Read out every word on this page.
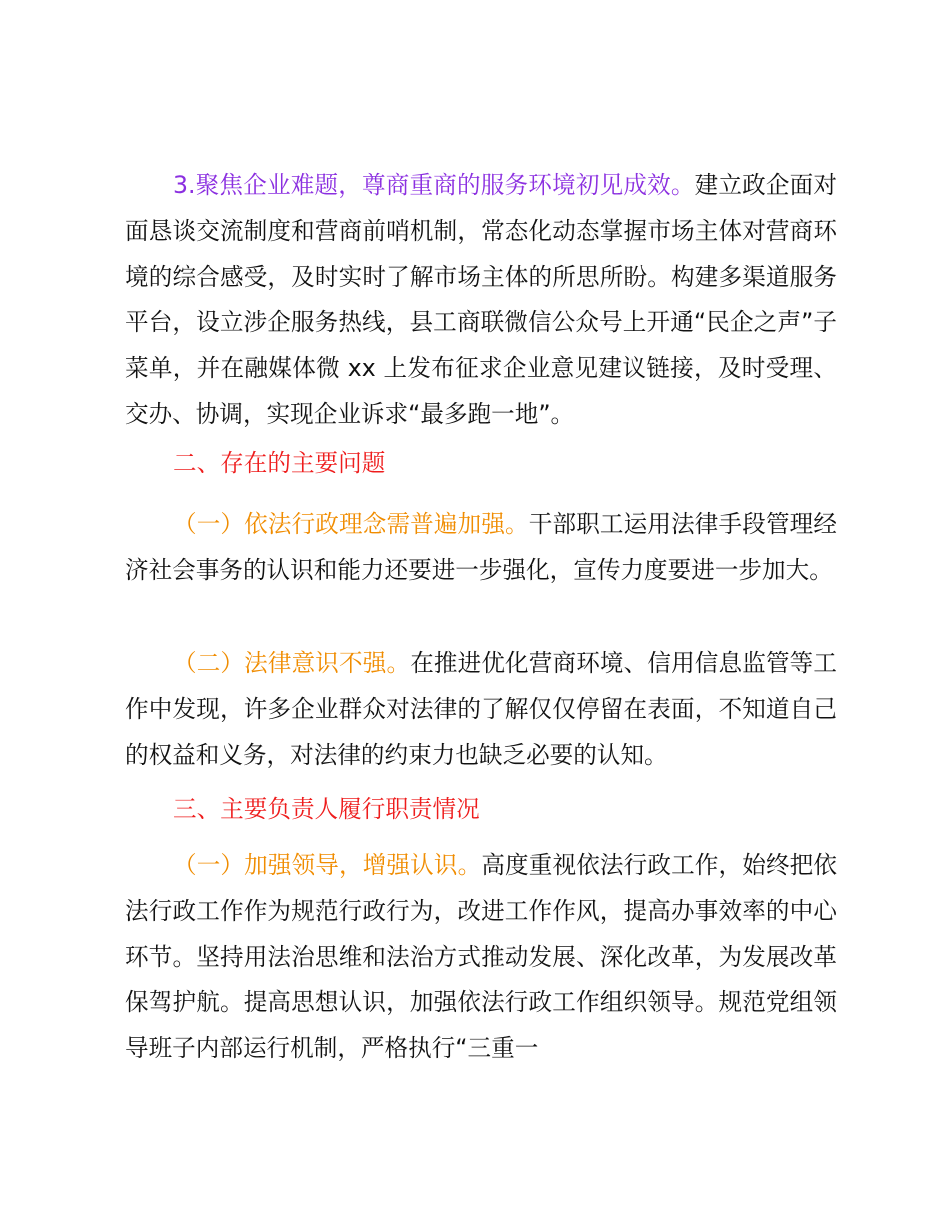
3.聚焦企业难题，尊商重商的服务环境初见成效。建立政企面对面恳谈交流制度和营商前哨机制，常态化动态掌握市场主体对营商环境的综合感受，及时实时了解市场主体的所思所盼。构建多渠道服务平台，设立涉企服务热线，县工商联微信公众号上开通“民企之声”子菜单，并在融媒体微 xx 上发布征求企业意见建议链接，及时受理、交办、协调，实现企业诉求“最多跑一地”。

二、存在的主要问题

（一）依法行政理念需普遍加强。干部职工运用法律手段管理经济社会事务的认识和能力还要进一步强化，宣传力度要进一步加大。

（二）法律意识不强。在推进优化营商环境、信用信息监管等工作中发现，许多企业群众对法律的了解仅仅停留在表面，不知道自己的权益和义务，对法律的约束力也缺乏必要的认知。

三、主要负责人履行职责情况

（一）加强领导，增强认识。高度重视依法行政工作，始终把依法行政工作作为规范行政行为，改进工作作风，提高办事效率的中心环节。坚持用法治思维和法治方式推动发展、深化改革，为发展改革保驾护航。提高思想认识，加强依法行政工作组织领导。规范党组领导班子内部运行机制，严格执行“三重一
